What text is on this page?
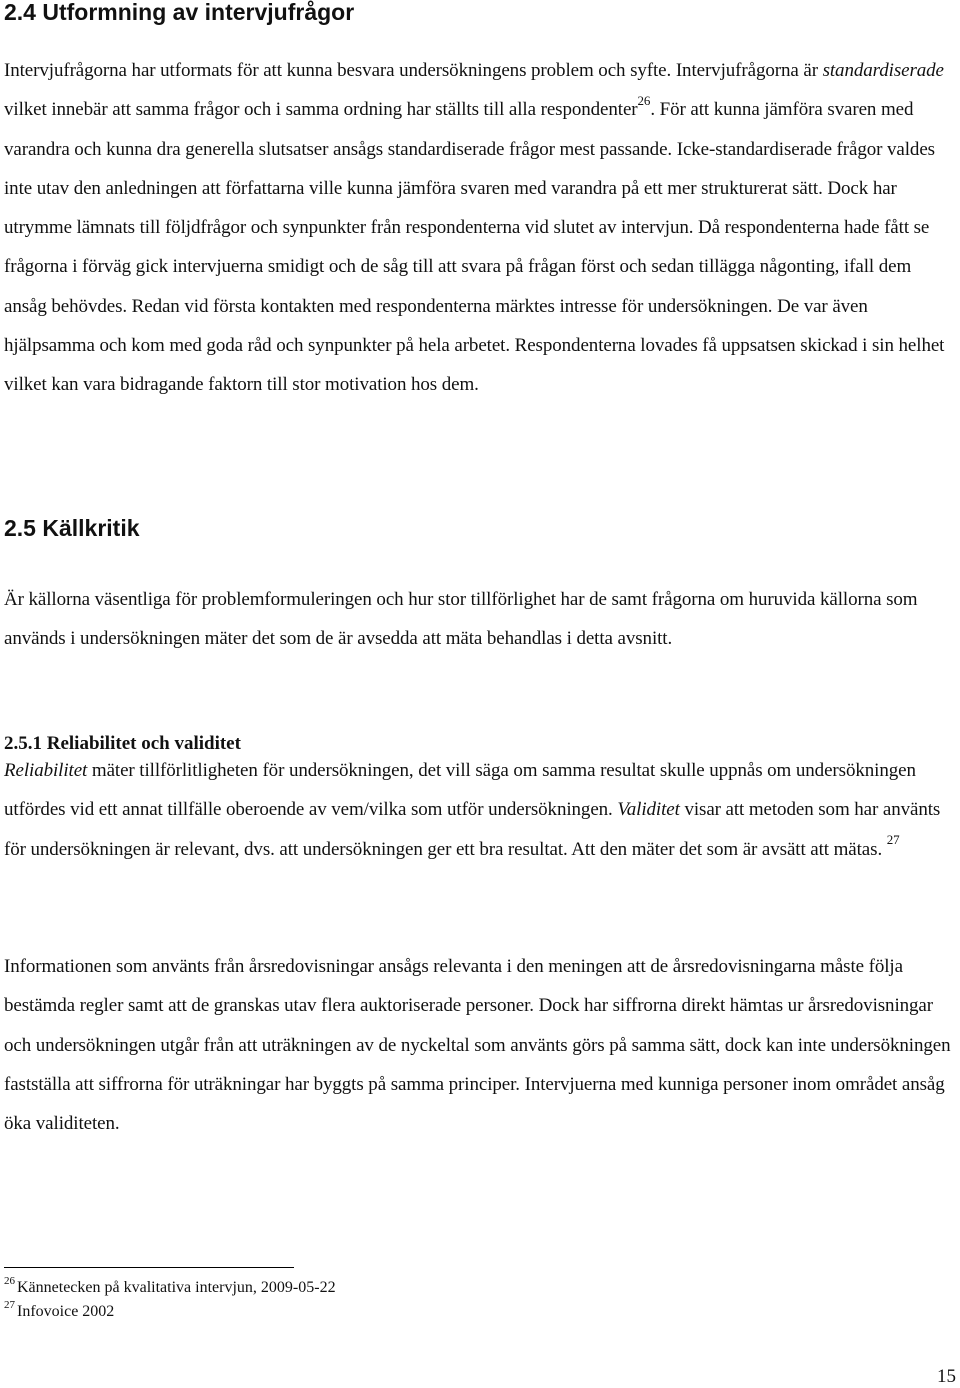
2.4 Utformning av intervjufrågor

Intervjufrågorna har utformats för att kunna besvara undersökningens problem och syfte. Intervjufrågorna är standardiserade vilket innebär att samma frågor och i samma ordning har ställts till alla respondenter$^{26}$. För att kunna jämföra svaren med varandra och kunna dra generella slutsatser ansågs standardiserade frågor mest passande. Icke-standardiserade frågor valdes inte utav den anledningen att författarna ville kunna jämföra svaren med varandra på ett mer strukturerat sätt. Dock har utrymme lämnats till följdfrågor och synpunkter från respondenterna vid slutet av intervjun. Då respondenterna hade fått se frågorna i förväg gick intervjuerna smidigt och de såg till att svara på frågan först och sedan tillägga någonting, ifall dem ansåg behövdes. Redan vid första kontakten med respondenterna märktes intresse för undersökningen. De var även hjälpsamma och kom med goda råd och synpunkter på hela arbetet. Respondenterna lovades få uppsatsen skickad i sin helhet vilket kan vara bidragande faktorn till stor motivation hos dem.

2.5 Källkritik

Är källorna väsentliga för problemformuleringen och hur stor tillförlighet har de samt frågorna om huruvida källorna som används i undersökningen mäter det som de är avsedda att mäta behandlas i detta avsnitt.

2.5.1 Reliabilitet och validitet

Reliabilitet mäter tillförlitligheten för undersökningen, det vill säga om samma resultat skulle uppnås om undersökningen utfördes vid ett annat tillfälle oberoende av vem/vilka som utför undersökningen. Validitet visar att metoden som har använts för undersökningen är relevant, dvs. att undersökningen ger ett bra resultat. Att den mäter det som är avsätt att mätas. $^{27}$

Informationen som använts från årsredovisningar ansågs relevanta i den meningen att de årsredovisningarna måste följa bestämda regler samt att de granskas utav flera auktoriserade personer. Dock har siffrorna direkt hämtas ur årsredovisningar och undersökningen utgår från att uträkningen av de nyckeltal som använts görs på samma sätt, dock kan inte undersökningen fastställa att siffrorna för uträkningar har byggts på samma principer. Intervjuerna med kunniga personer inom området ansåg öka validiteten.

$^{26}$ Kännetecken på kvalitativa intervjun, 2009-05-22

$^{27}$ Infovoice 2002

15
